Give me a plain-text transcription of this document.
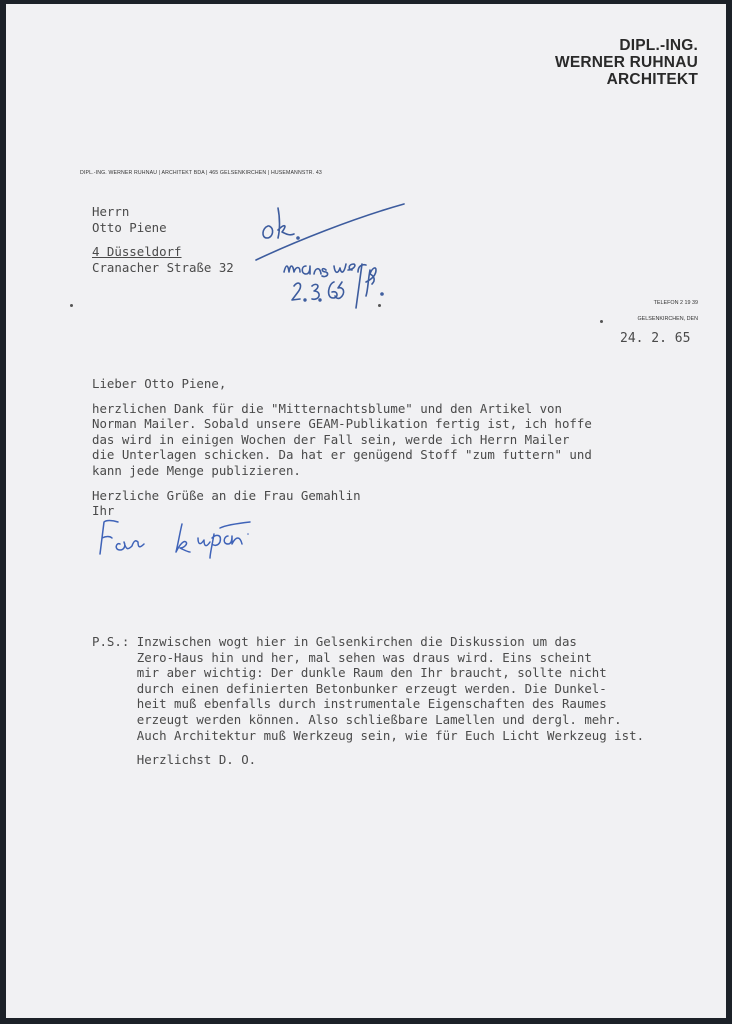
DIPL.-ING.
WERNER RUHNAU
ARCHITEKT
DIPL.-ING. WERNER RUHNAU | ARCHITEKT BDA | 465 GELSENKIRCHEN | HUSEMANNSTR. 43
Herrn
Otto Piene
4 Düsseldorf
Cranacher Straße 32
TELEFON 2 19 39
GELSENKIRCHEN, DEN
24. 2. 65
Lieber Otto Piene,
herzlichen Dank für die "Mitternachtsblume" und den Artikel von
Norman Mailer. Sobald unsere GEAM-Publikation fertig ist, ich hoffe
das wird in einigen Wochen der Fall sein, werde ich Herrn Mailer
die Unterlagen schicken. Da hat er genügend Stoff "zum futtern" und
kann jede Menge publizieren.
Herzliche Grüße an die Frau Gemahlin
Ihr
P.S.: Inzwischen wogt hier in Gelsenkirchen die Diskussion um das
Zero-Haus hin und her, mal sehen was draus wird. Eins scheint
mir aber wichtig: Der dunkle Raum den Ihr braucht, sollte nicht
durch einen definierten Betonbunker erzeugt werden. Die Dunkel-
heit muß ebenfalls durch instrumentale Eigenschaften des Raumes
erzeugt werden können. Also schließbare Lamellen und dergl. mehr.
Auch Architektur muß Werkzeug sein, wie für Euch Licht Werkzeug ist.
Herzlichst D. O.
